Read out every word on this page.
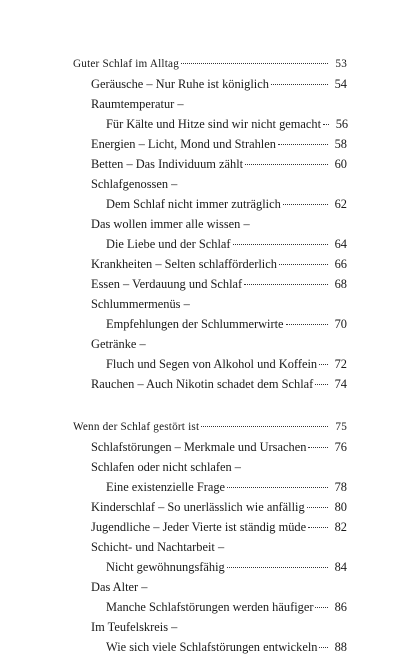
Guter Schlaf im Alltag	53
Geräusche – Nur Ruhe ist königlich	54
Raumtemperatur –
Für Kälte und Hitze sind wir nicht gemacht 56
Energien – Licht, Mond und Strahlen	58
Betten – Das Individuum zählt	60
Schlafgenossen –
Dem Schlaf nicht immer zuträglich	62
Das wollen immer alle wissen –
Die Liebe und der Schlaf	64
Krankheiten – Selten schlafförderlich	66
Essen – Verdauung und Schlaf	68
Schlummermenüs –
Empfehlungen der Schlummerwirte	70
Getränke –
Fluch und Segen von Alkohol und Koffein 72
Rauchen – Auch Nikotin schadet dem Schlaf 74
Wenn der Schlaf gestört ist	75
Schlafstörungen – Merkmale und Ursachen 76
Schlafen oder nicht schlafen –
Eine existenzielle Frage	78
Kinderschlaf – So unerlässlich wie anfällig 80
Jugendliche – Jeder Vierte ist ständig müde 82
Schicht- und Nachtarbeit –
Nicht gewöhnungsfähig	84
Das Alter –
Manche Schlafstörungen werden häufiger 86
Im Teufelskreis –
Wie sich viele Schlafstörungen entwickeln 88
